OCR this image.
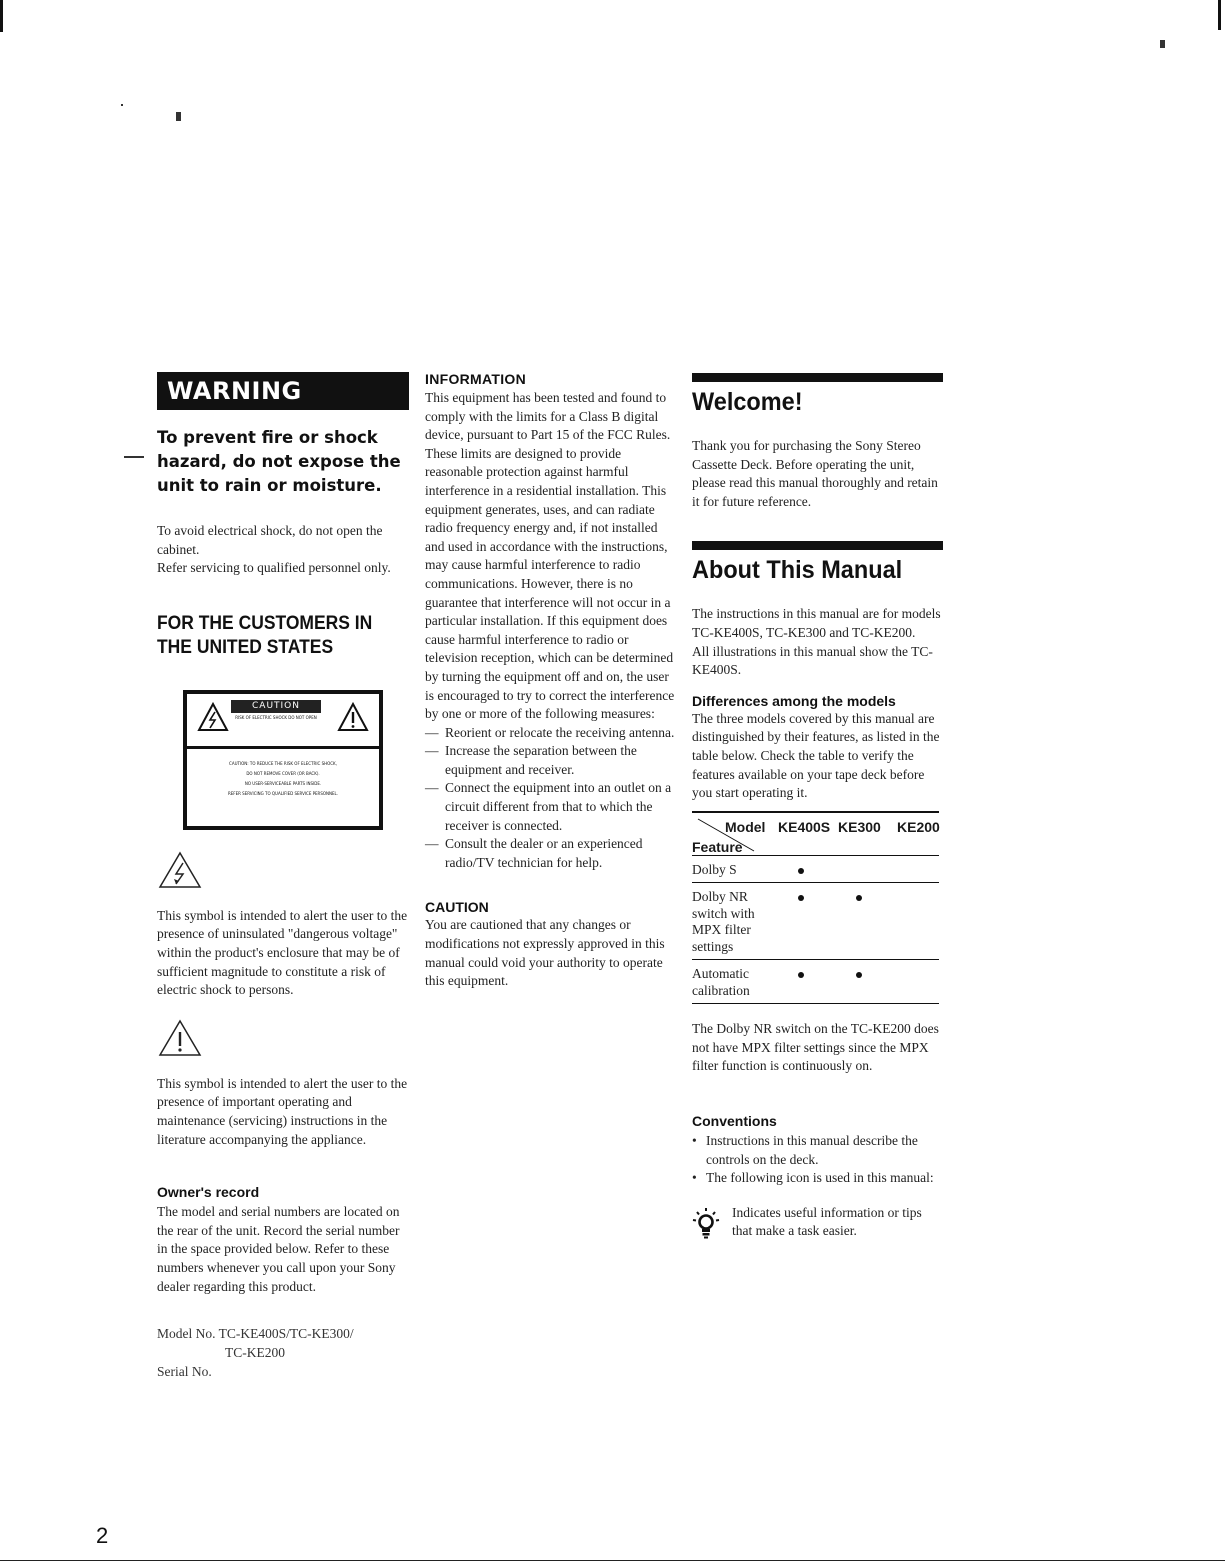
WARNING

To prevent fire or shock hazard, do not expose the unit to rain or moisture.

To avoid electrical shock, do not open the cabinet.

Refer servicing to qualified personnel only.

FOR THE CUSTOMERS IN THE UNITED STATES

CAUTION
RISK OF ELECTRIC SHOCK DO NOT OPEN
CAUTION: TO REDUCE THE RISK OF ELECTRIC SHOCK,
DO NOT REMOVE COVER (OR BACK).
NO USER-SERVICEABLE PARTS INSIDE.
REFER SERVICING TO QUALIFIED SERVICE PERSONNEL.

This symbol is intended to alert the user to the presence of uninsulated "dangerous voltage" within the product's enclosure that may be of sufficient magnitude to constitute a risk of electric shock to persons.

This symbol is intended to alert the user to the presence of important operating and maintenance (servicing) instructions in the literature accompanying the appliance.

Owner's record

The model and serial numbers are located on the rear of the unit. Record the serial number in the space provided below. Refer to these numbers whenever you call upon your Sony dealer regarding this product.

Model No. TC-KE400S/TC-KE300/
TC-KE200
Serial No.

INFORMATION

This equipment has been tested and found to comply with the limits for a Class B digital device, pursuant to Part 15 of the FCC Rules.

These limits are designed to provide reasonable protection against harmful interference in a residential installation. This equipment generates, uses, and can radiate radio frequency energy and, if not installed and used in accordance with the instructions, may cause harmful interference to radio communications. However, there is no guarantee that interference will not occur in a particular installation. If this equipment does cause harmful interference to radio or television reception, which can be determined by turning the equipment off and on, the user is encouraged to try to correct the interference by one or more of the following measures:

— Reorient or relocate the receiving antenna.
— Increase the separation between the equipment and receiver.
— Connect the equipment into an outlet on a circuit different from that to which the receiver is connected.
— Consult the dealer or an experienced radio/TV technician for help.

CAUTION

You are cautioned that any changes or modifications not expressly approved in this manual could void your authority to operate this equipment.

Welcome!

Thank you for purchasing the Sony Stereo Cassette Deck. Before operating the unit, please read this manual thoroughly and retain it for future reference.

About This Manual

The instructions in this manual are for models TC-KE400S, TC-KE300 and TC-KE200.

All illustrations in this manual show the TC-KE400S.

Differences among the models

The three models covered by this manual are distinguished by their features, as listed in the table below. Check the table to verify the features available on your tape deck before you start operating it.

Model
Feature
KE400S KE300 KE200
Dolby S
Dolby NR switch with MPX filter settings
Automatic calibration

The Dolby NR switch on the TC-KE200 does not have MPX filter settings since the MPX filter function is continuously on.

Conventions

• Instructions in this manual describe the controls on the deck.
• The following icon is used in this manual:

Indicates useful information or tips that make a task easier.

2
